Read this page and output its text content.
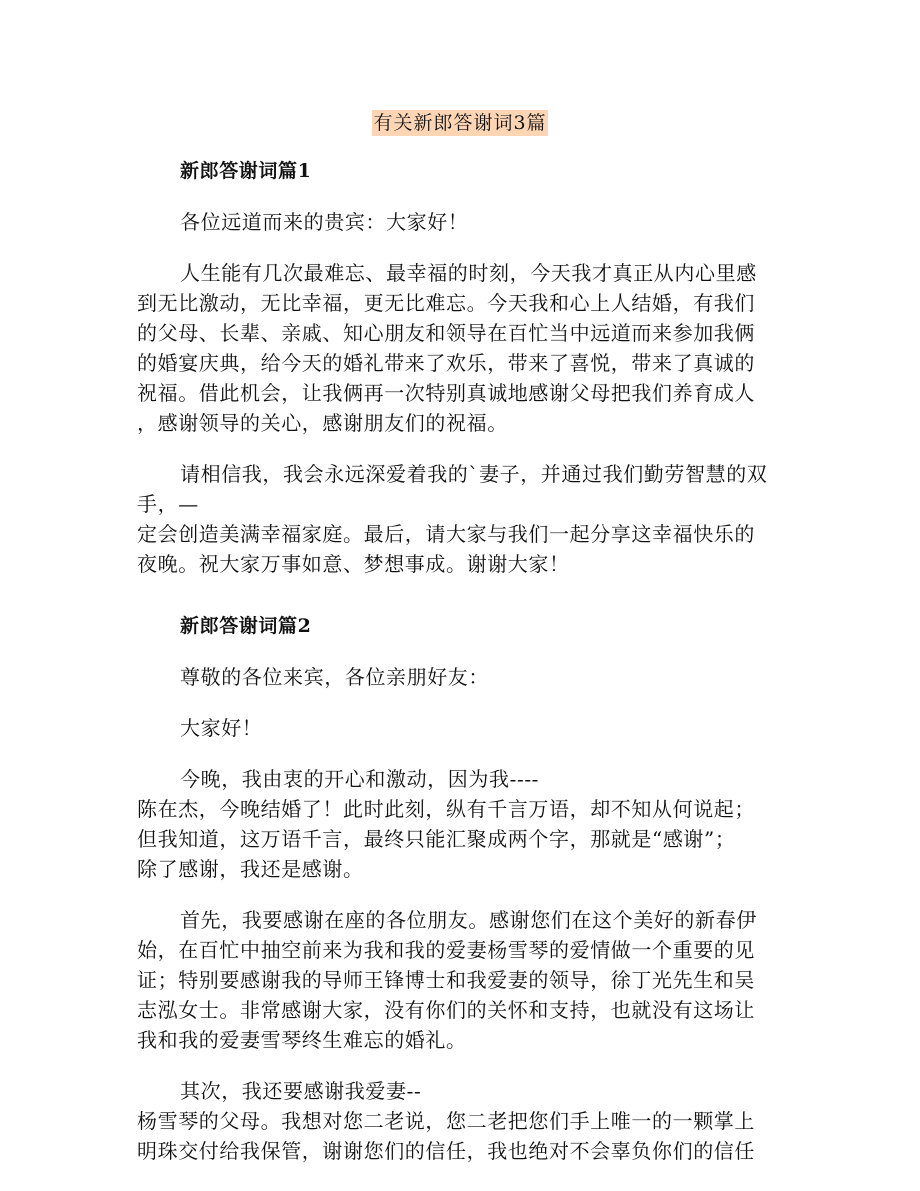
有关新郎答谢词3篇

新郎答谢词篇1

各位远道而来的贵宾：大家好！
人生能有几次最难忘、最幸福的时刻，今天我才真正从内心里感
到无比激动，无比幸福，更无比难忘。今天我和心上人结婚，有我们
的父母、长辈、亲戚、知心朋友和领导在百忙当中远道而来参加我俩
的婚宴庆典，给今天的婚礼带来了欢乐，带来了喜悦，带来了真诚的
祝福。借此机会，让我俩再一次特别真诚地感谢父母把我们养育成人
，感谢领导的关心，感谢朋友们的祝福。
请相信我，我会永远深爱着我的`妻子，并通过我们勤劳智慧的双
手，—
定会创造美满幸福家庭。最后，请大家与我们一起分享这幸福快乐的
夜晚。祝大家万事如意、梦想事成。谢谢大家！

新郎答谢词篇2

尊敬的各位来宾，各位亲朋好友：
大家好！
今晚，我由衷的开心和激动，因为我----
陈在杰，今晚结婚了！此时此刻，纵有千言万语，却不知从何说起；
但我知道，这万语千言，最终只能汇聚成两个字，那就是“感谢”；
除了感谢，我还是感谢。
首先，我要感谢在座的各位朋友。感谢您们在这个美好的新春伊
始，在百忙中抽空前来为我和我的爱妻杨雪琴的爱情做一个重要的见
证；特别要感谢我的导师王锋博士和我爱妻的领导，徐丁光先生和吴
志泓女士。非常感谢大家，没有你们的关怀和支持，也就没有这场让
我和我的爱妻雪琴终生难忘的婚礼。
其次，我还要感谢我爱妻--
杨雪琴的父母。我想对您二老说，您二老把您们手上唯一的一颗掌上
明珠交付给我保管，谢谢您们的信任，我也绝对不会辜负你们的信任
